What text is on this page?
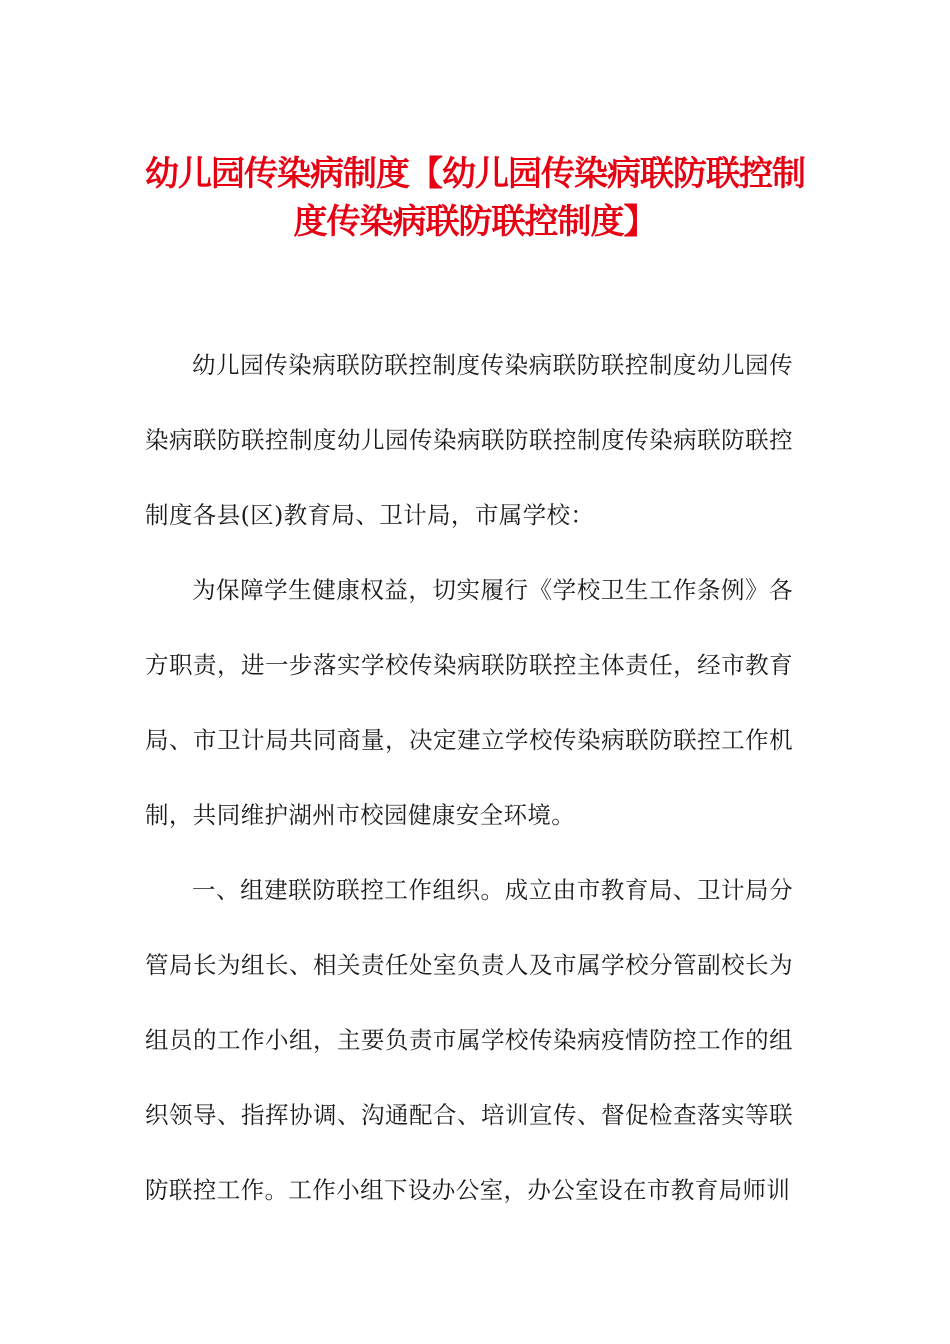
幼儿园传染病制度【幼儿园传染病联防联控制度传染病联防联控制度】

幼儿园传染病联防联控制度传染病联防联控制度幼儿园传染病联防联控制度幼儿园传染病联防联控制度传染病联防联控制度各县(区)教育局、卫计局，市属学校：

为保障学生健康权益，切实履行《学校卫生工作条例》各方职责，进一步落实学校传染病联防联控主体责任，经市教育局、市卫计局共同商量，决定建立学校传染病联防联控工作机制，共同维护湖州市校园健康安全环境。

一、组建联防联控工作组织。成立由市教育局、卫计局分管局长为组长、相关责任处室负责人及市属学校分管副校长为组员的工作小组，主要负责市属学校传染病疫情防控工作的组织领导、指挥协调、沟通配合、培训宣传、督促检查落实等联防联控工作。工作小组下设办公室，办公室设在市教育局师训
